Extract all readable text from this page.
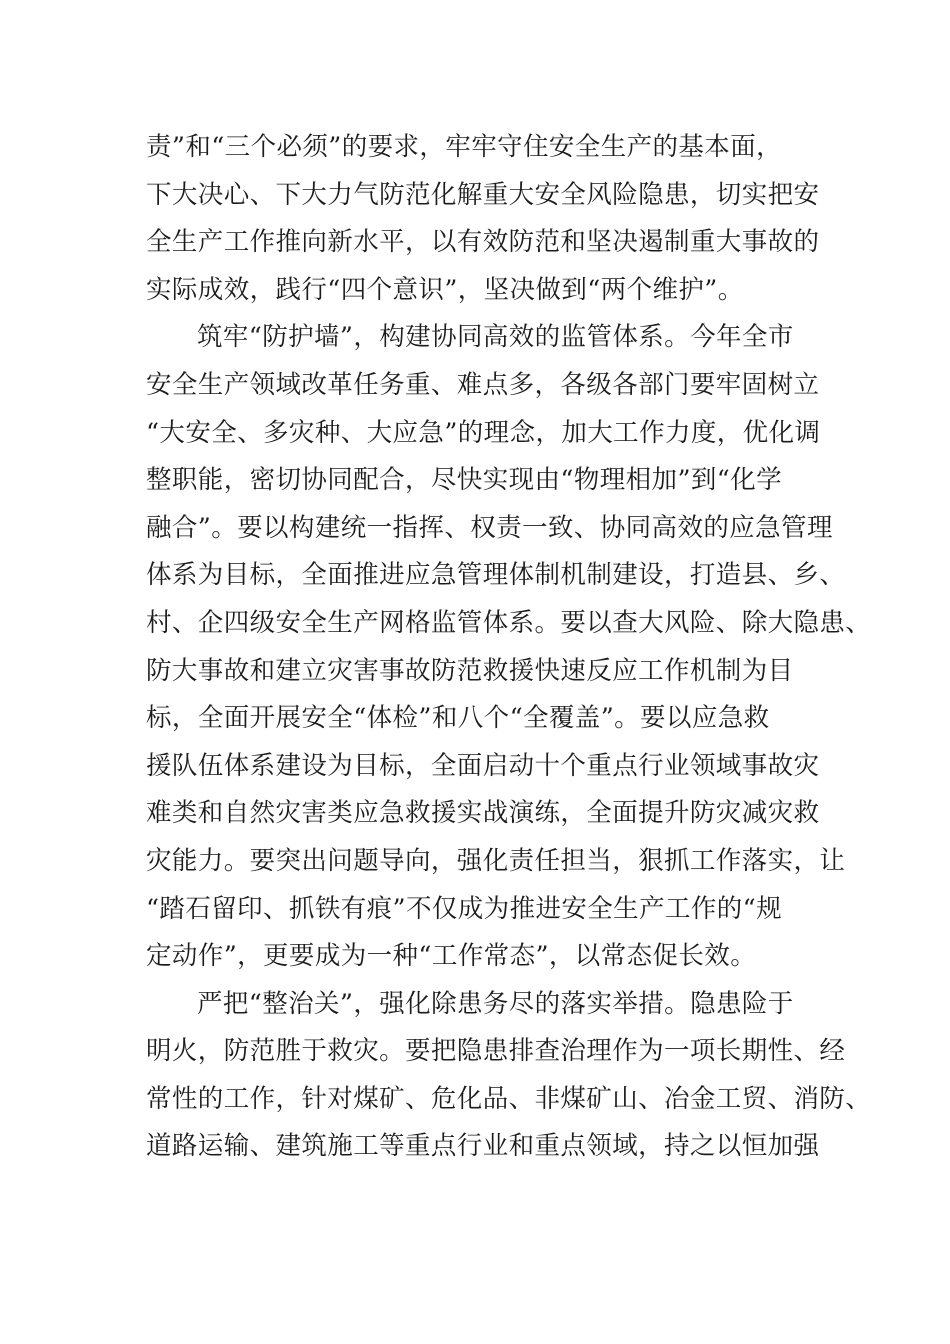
责”和“三个必须”的要求，牢牢守住安全生产的基本面，
下大决心、下大力气防范化解重大安全风险隐患，切实把安
全生产工作推向新水平，以有效防范和坚决遏制重大事故的
实际成效，践行“四个意识”，坚决做到“两个维护”。
筑牢“防护墙”，构建协同高效的监管体系。今年全市
安全生产领域改革任务重、难点多，各级各部门要牢固树立
“大安全、多灾种、大应急”的理念，加大工作力度，优化调
整职能，密切协同配合，尽快实现由“物理相加”到“化学
融合”。要以构建统一指挥、权责一致、协同高效的应急管理
体系为目标，全面推进应急管理体制机制建设，打造县、乡、
村、企四级安全生产网格监管体系。要以查大风险、除大隐患、
防大事故和建立灾害事故防范救援快速反应工作机制为目
标，全面开展安全“体检”和八个“全覆盖”。要以应急救
援队伍体系建设为目标，全面启动十个重点行业领域事故灾
难类和自然灾害类应急救援实战演练，全面提升防灾减灾救
灾能力。要突出问题导向，强化责任担当，狠抓工作落实，让
“踏石留印、抓铁有痕”不仅成为推进安全生产工作的“规
定动作”，更要成为一种“工作常态”，以常态促长效。
严把“整治关”，强化除患务尽的落实举措。隐患险于
明火，防范胜于救灾。要把隐患排查治理作为一项长期性、经
常性的工作，针对煤矿、危化品、非煤矿山、冶金工贸、消防、
道路运输、建筑施工等重点行业和重点领域，持之以恒加强
